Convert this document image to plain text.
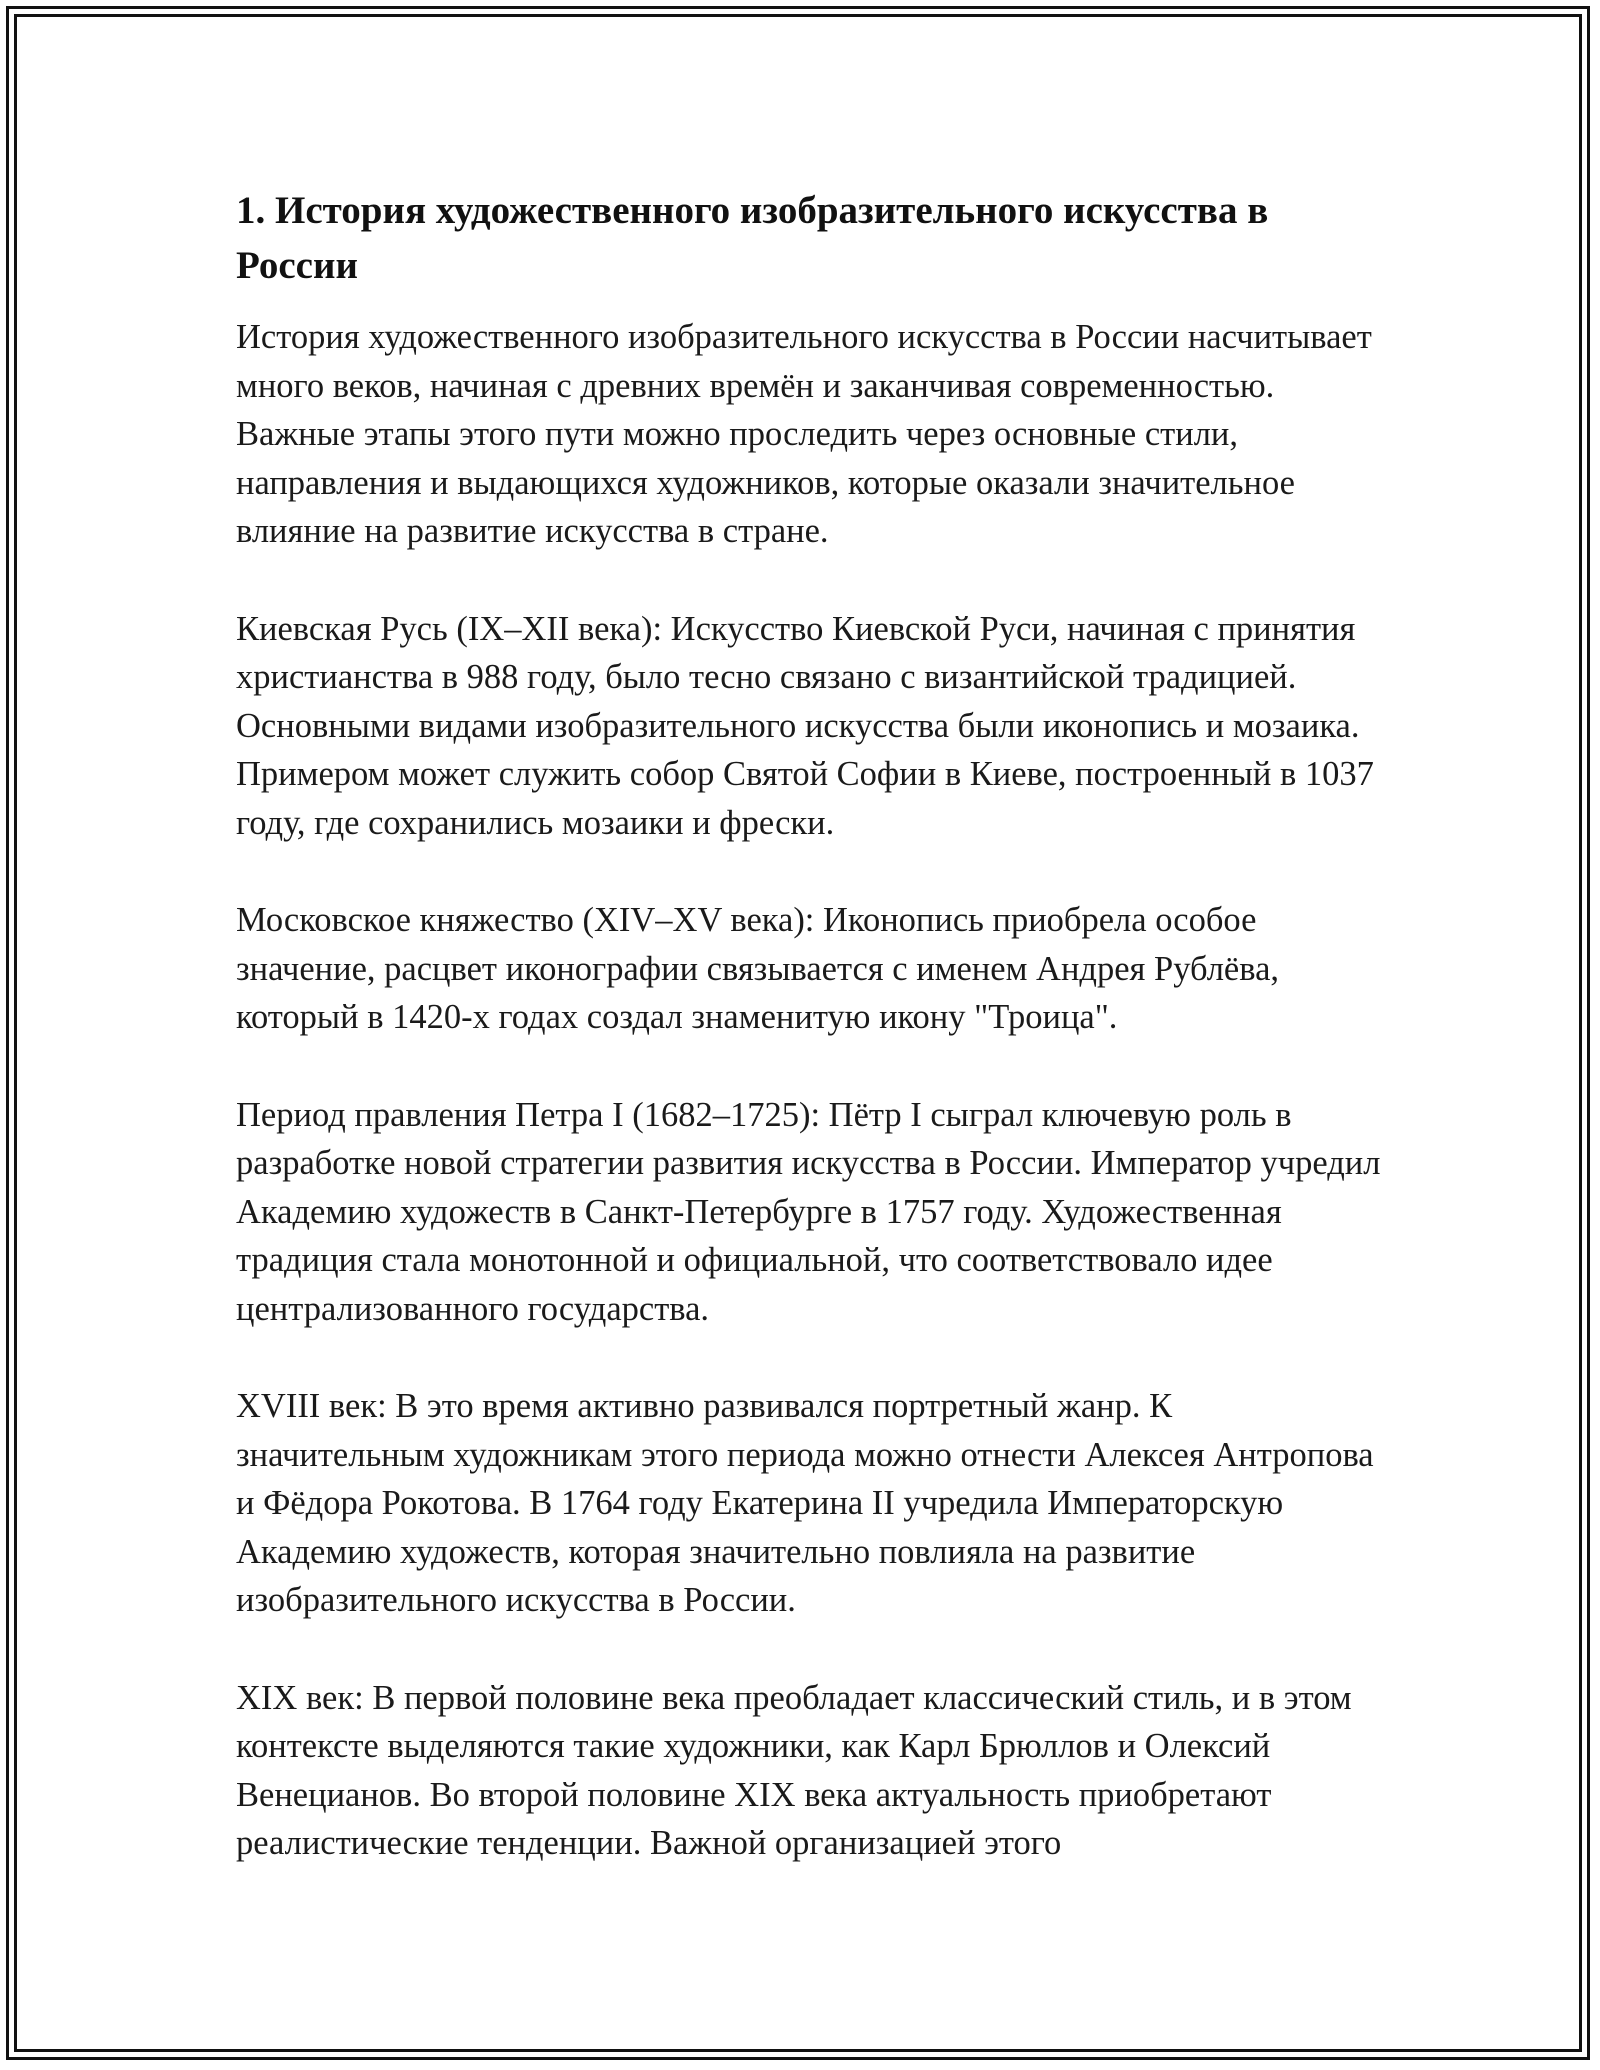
1. История художественного изобразительного искусства в России

История художественного изобразительного искусства в России насчитывает много веков, начиная с древних времён и заканчивая современностью. Важные этапы этого пути можно проследить через основные стили, направления и выдающихся художников, которые оказали значительное влияние на развитие искусства в стране.

Киевская Русь (IX–XII века): Искусство Киевской Руси, начиная с принятия христианства в 988 году, было тесно связано с византийской традицией. Основными видами изобразительного искусства были иконопись и мозаика. Примером может служить собор Святой Софии в Киеве, построенный в 1037 году, где сохранились мозаики и фрески.

Московское княжество (XIV–XV века): Иконопись приобрела особое значение, расцвет иконографии связывается с именем Андрея Рублёва, который в 1420-х годах создал знаменитую икону "Троица".

Период правления Петра I (1682–1725): Пётр I сыграл ключевую роль в разработке новой стратегии развития искусства в России. Император учредил Академию художеств в Санкт-Петербурге в 1757 году. Художественная традиция стала монотонной и официальной, что соответствовало идее централизованного государства.

XVIII век: В это время активно развивался портретный жанр. К значительным художникам этого периода можно отнести Алексея Антропова и Фёдора Рокотова. В 1764 году Екатерина II учредила Императорскую Академию художеств, которая значительно повлияла на развитие изобразительного искусства в России.

XIX век: В первой половине века преобладает классический стиль, и в этом контексте выделяются такие художники, как Карл Брюллов и Олексий Венецианов. Во второй половине XIX века актуальность приобретают реалистические тенденции. Важной организацией этого
